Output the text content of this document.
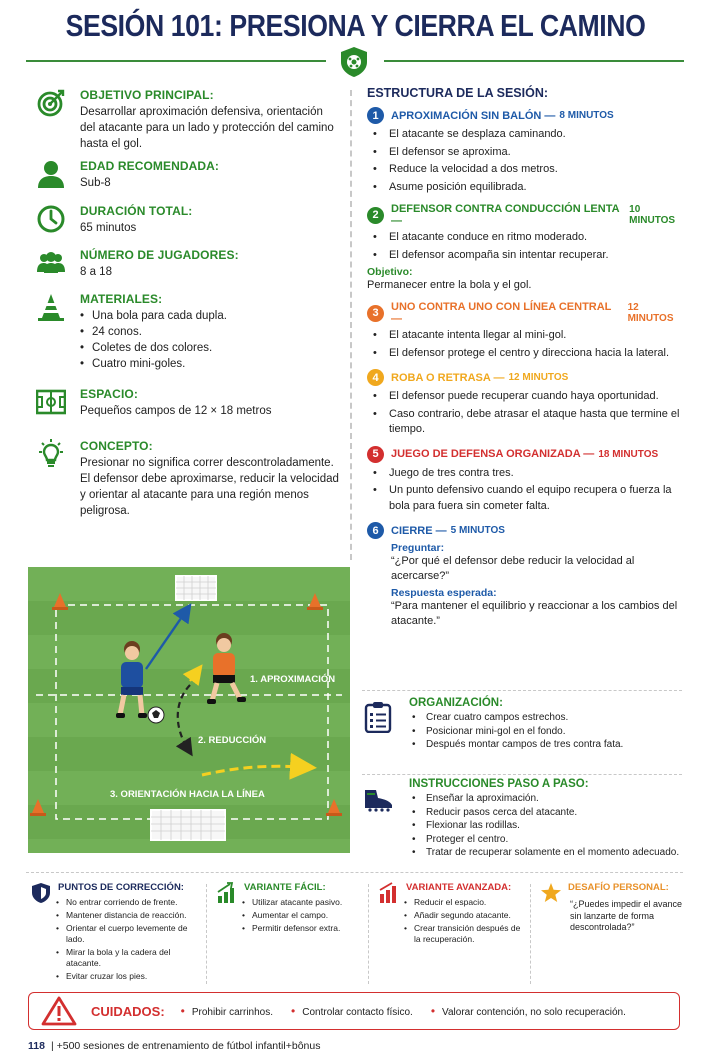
SESIÓN 101: PRESIONA Y CIERRA EL CAMINO
OBJETIVO PRINCIPAL:

Desarrollar aproximación defensiva, orientación del atacante para un lado y protección del camino hasta el gol.

EDAD RECOMENDADA:

Sub-8

DURACIÓN TOTAL:

65 minutos

NÚMERO DE JUGADORES:

8 a 18

MATERIALES:
• Una bola para cada dupla.
• 24 conos.
• Coletes de dos colores.
• Cuatro mini-goles.
ESPACIO:

Pequeños campos de 12 × 18 metros

CONCEPTO:

Presionar no significa correr descontroladamente. El defensor debe aproximarse, reducir la velocidad y orientar al atacante para una región menos peligrosa.

ESTRUCTURA DE LA SESIÓN:
1	APROXIMACIÓN SIN BALÓN — 8 MINUTOS
• El atacante se desplaza caminando.
• El defensor se aproxima.
• Reduce la velocidad a dos metros.
• Asume posición equilibrada.
2	DEFENSOR CONTRA CONDUCCIÓN LENTA —
10 MINUTOS
• El atacante conduce en ritmo moderado.
• El defensor acompaña sin intentar recuperar.
Objetivo:
Permanecer entre la bola y el gol.
3	UNO CONTRA UNO CON LÍNEA CENTRAL —
12 MINUTOS
• El atacante intenta llegar al mini-gol.
• El defensor protege el centro y direcciona hacia la lateral.
4	ROBA O RETRASA — 12 MINUTOS
• El defensor puede recuperar cuando haya oportunidad.
• Caso contrario, debe atrasar el ataque hasta que termine el tiempo.
5	JUEGO DE DEFENSA ORGANIZADA — 18 MINUTOS
• Juego de tres contra tres.
• Un punto defensivo cuando el equipo recupera o fuerza la bola para fuera sin cometer falta.
6	CIERRE — 5 MINUTOS
Preguntar:
“¿Por qué el defensor debe reducir la velocidad al acercarse?”
Respuesta esperada:
“Para mantener el equilibrio y reaccionar a los cambios del atacante.”
1. APROXIMACIÓN
2. REDUCCIÓN
3. ORIENTACIÓN HACIA LA LÍNEA
ORGANIZACIÓN:
• Crear cuatro campos estrechos.
• Posicionar mini-gol en el fondo.
• Después montar campos de tres contra fata.
INSTRUCCIONES PASO A PASO:
• Enseñar la aproximación.
• Reducir pasos cerca del atacante.
• Flexionar las rodillas.
• Proteger el centro.
• Tratar de recuperar solamente en el momento adecuado.
PUNTOS DE CORRECCIÓN:
• No entrar corriendo de frente.
• Mantener distancia de reacción.
• Orientar el cuerpo levemente de lado.
• Mirar la bola y la cadera del atacante.
• Evitar cruzar los pies.
VARIANTE FÁCIL:
• Utilizar atacante pasivo.
• Aumentar el campo.
• Permitir defensor extra.
VARIANTE AVANZADA:
• Reducir el espacio.
• Añadir segundo atacante.
• Crear transición después de la recuperación.
DESAFÍO PERSONAL:
“¿Puedes impedir el avance sin lanzarte de forma descontrolada?”
CUIDADOS:	• Prohibir carrinhos.	• Controlar contacto físico.	• Valorar contención, no solo recuperación.
118 | +500 sesiones de entrenamiento de fútbol infantil+bônus
